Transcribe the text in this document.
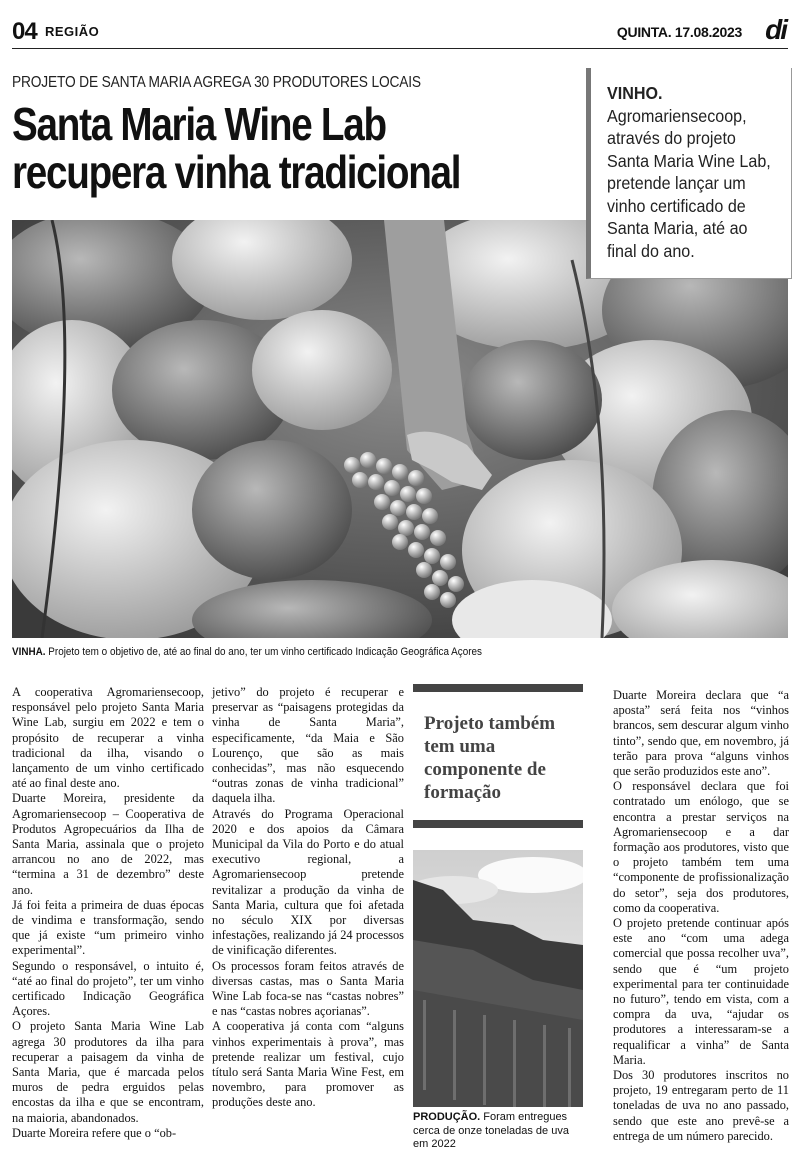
04 REGIÃO	QUINTA. 17.08.2023 di
PROJETO DE SANTA MARIA AGREGA 30 PRODUTORES LOCAIS
Santa Maria Wine Lab
recupera vinha tradicional
VINHO. Agromariensecoop, através do projeto Santa Maria Wine Lab, pretende lançar um vinho certificado de Santa Maria, até ao final do ano.
VINHA. Projeto tem o objetivo de, até ao final do ano, ter um vinho certificado Indicação Geográfica Açores

A cooperativa Agromariensecoop, responsável pelo projeto Santa Maria Wine Lab, surgiu em 2022 e tem o propósito de recuperar a vinha tradicional da ilha, visando o lançamento de um vinho certificado até ao final deste ano.

Duarte Moreira, presidente da Agromariensecoop – Cooperativa de Produtos Agropecuários da Ilha de Santa Maria, assinala que o projeto arrancou no ano de 2022, mas “termina a 31 de dezembro” deste ano.

Já foi feita a primeira de duas épocas de vindima e transformação, sendo que já existe “um primeiro vinho experimental”.

Segundo o responsável, o intuito é, “até ao final do projeto”, ter um vinho certificado Indicação Geográfica Açores.

O projeto Santa Maria Wine Lab agrega 30 produtores da ilha para recuperar a paisagem da vinha de Santa Maria, que é marcada pelos muros de pedra erguidos pelas encostas da ilha e que se encontram, na maioria, abandonados.

Duarte Moreira refere que o “ob-

jetivo” do projeto é recuperar e preservar as “paisagens protegidas da vinha de Santa Maria”, especificamente, “da Maia e São Lourenço, que são as mais conhecidas”, mas não esquecendo “outras zonas de vinha tradicional” daquela ilha.

Através do Programa Operacional 2020 e dos apoios da Câmara Municipal da Vila do Porto e do atual executivo regional, a Agromariensecoop pretende revitalizar a produção da vinha de Santa Maria, cultura que foi afetada no século XIX por diversas infestações, realizando já 24 processos de vinificação diferentes.

Os processos foram feitos através de diversas castas, mas o Santa Maria Wine Lab foca-se nas “castas nobres” e nas “castas nobres açorianas”.

A cooperativa já conta com “alguns vinhos experimentais à prova”, mas pretende realizar um festival, cujo título será Santa Maria Wine Fest, em novembro, para promover as produções deste ano.

Projeto também tem uma componente de formação
PRODUÇÃO. Foram entregues cerca de onze toneladas de uva em 2022

Duarte Moreira declara que “a aposta” será feita nos “vinhos brancos, sem descurar algum vinho tinto”, sendo que, em novembro, já terão para prova “alguns vinhos que serão produzidos este ano”.

O responsável declara que foi contratado um enólogo, que se encontra a prestar serviços na Agromariensecoop e a dar formação aos produtores, visto que o projeto também tem uma “componente de profissionalização do setor”, seja dos produtores, como da cooperativa.

O projeto pretende continuar após este ano “com uma adega comercial que possa recolher uva”, sendo que é “um projeto experimental para ter continuidade no futuro”, tendo em vista, com a compra da uva, “ajudar os produtores a interessaram-se a requalificar a vinha” de Santa Maria.

Dos 30 produtores inscritos no projeto, 19 entregaram perto de 11 toneladas de uva no ano passado, sendo que este ano prevê-se a entrega de um número parecido.
